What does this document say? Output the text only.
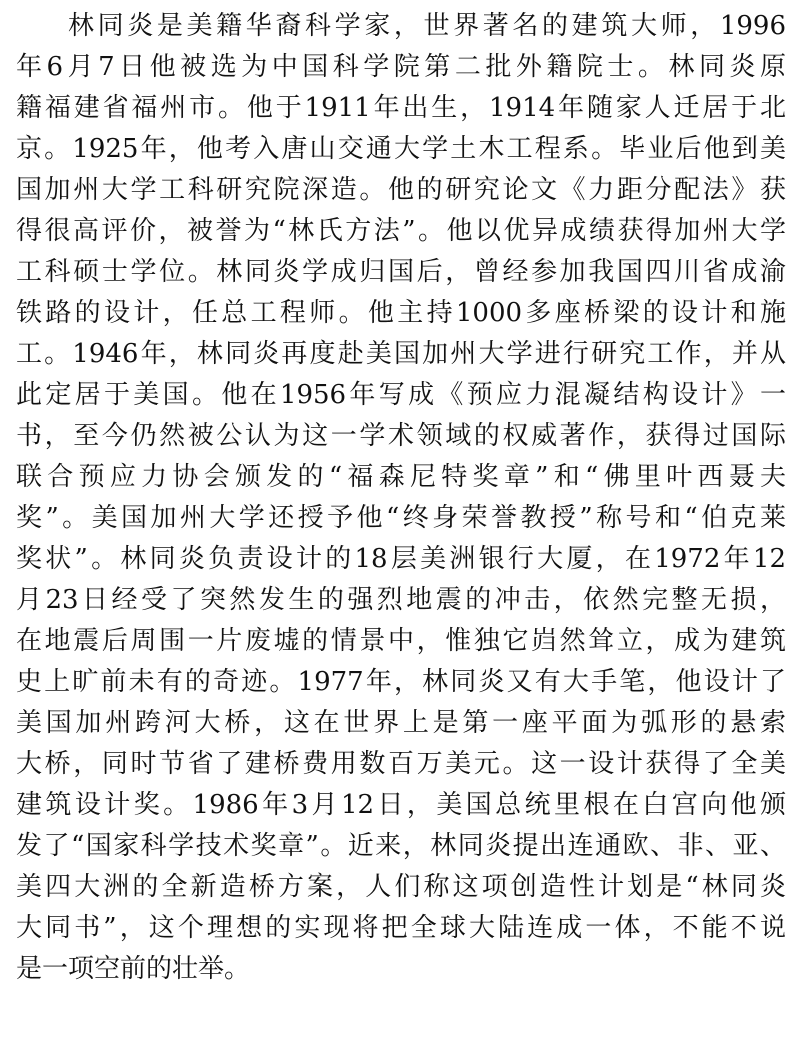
林同炎是美籍华裔科学家，世界著名的建筑大师，1996
年6月7日他被选为中国科学院第二批外籍院士。林同炎原
籍福建省福州市。他于1911年出生，1914年随家人迁居于北
京。1925年，他考入唐山交通大学土木工程系。毕业后他到美
国加州大学工科研究院深造。他的研究论文《力距分配法》获
得很高评价，被誉为“林氏方法”。他以优异成绩获得加州大学
工科硕士学位。林同炎学成归国后，曾经参加我国四川省成渝
铁路的设计，任总工程师。他主持1000多座桥梁的设计和施
工。1946年，林同炎再度赴美国加州大学进行研究工作，并从
此定居于美国。他在1956年写成《预应力混凝结构设计》一
书，至今仍然被公认为这一学术领域的权威著作，获得过国际
联合预应力协会颁发的“福森尼特奖章”和“佛里叶西聂夫
奖”。美国加州大学还授予他“终身荣誉教授”称号和“伯克莱
奖状”。林同炎负责设计的18层美洲银行大厦，在1972年12
月23日经受了突然发生的强烈地震的冲击，依然完整无损，
在地震后周围一片废墟的情景中，惟独它岿然耸立，成为建筑
史上旷前未有的奇迹。1977年，林同炎又有大手笔，他设计了
美国加州跨河大桥，这在世界上是第一座平面为弧形的悬索
大桥，同时节省了建桥费用数百万美元。这一设计获得了全美
建筑设计奖。1986年3月12日，美国总统里根在白宫向他颁
发了“国家科学技术奖章”。近来，林同炎提出连通欧、非、亚、
美四大洲的全新造桥方案，人们称这项创造性计划是“林同炎
大同书”，这个理想的实现将把全球大陆连成一体，不能不说
是一项空前的壮举。
